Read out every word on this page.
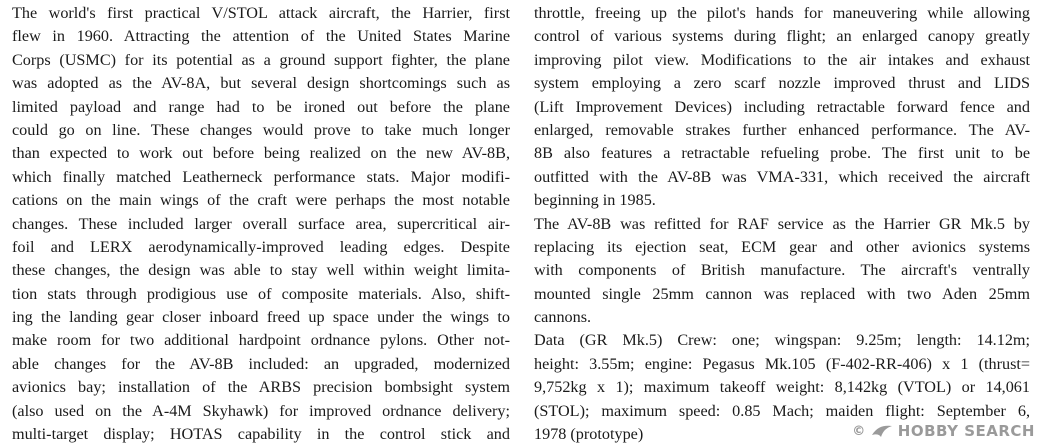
The world's first practical V/STOL attack aircraft, the Harrier, first
flew in 1960. Attracting the attention of the United States Marine
Corps (USMC) for its potential as a ground support fighter, the plane
was adopted as the AV-8A, but several design shortcomings such as
limited payload and range had to be ironed out before the plane
could go on line. These changes would prove to take much longer
than expected to work out before being realized on the new AV-8B,
which finally matched Leatherneck performance stats. Major modifi-
cations on the main wings of the craft were perhaps the most notable
changes. These included larger overall surface area, supercritical air-
foil and LERX aerodynamically-improved leading edges. Despite
these changes, the design was able to stay well within weight limita-
tion stats through prodigious use of composite materials. Also, shift-
ing the landing gear closer inboard freed up space under the wings to
make room for two additional hardpoint ordnance pylons. Other not-
able changes for the AV-8B included: an upgraded, modernized
avionics bay; installation of the ARBS precision bombsight system
(also used on the A-4M Skyhawk) for improved ordnance delivery;
multi-target display; HOTAS capability in the control stick and
throttle, freeing up the pilot's hands for maneuvering while allowing
control of various systems during flight; an enlarged canopy greatly
improving pilot view. Modifications to the air intakes and exhaust
system employing a zero scarf nozzle improved thrust and LIDS
(Lift Improvement Devices) including retractable forward fence and
enlarged, removable strakes further enhanced performance. The AV-
8B also features a retractable refueling probe. The first unit to be
outfitted with the AV-8B was VMA-331, which received the aircraft
beginning in 1985.
The AV-8B was refitted for RAF service as the Harrier GR Mk.5 by
replacing its ejection seat, ECM gear and other avionics systems
with components of British manufacture. The aircraft's ventrally
mounted single 25mm cannon was replaced with two Aden 25mm
cannons.
Data (GR Mk.5) Crew: one; wingspan: 9.25m; length: 14.12m;
height: 3.55m; engine: Pegasus Mk.105 (F-402-RR-406) x 1 (thrust=
9,752kg x 1); maximum takeoff weight: 8,142kg (VTOL) or 14,061
(STOL); maximum speed: 0.85 Mach; maiden flight: September 6,
1978 (prototype)	© HOBBY SEARCH
